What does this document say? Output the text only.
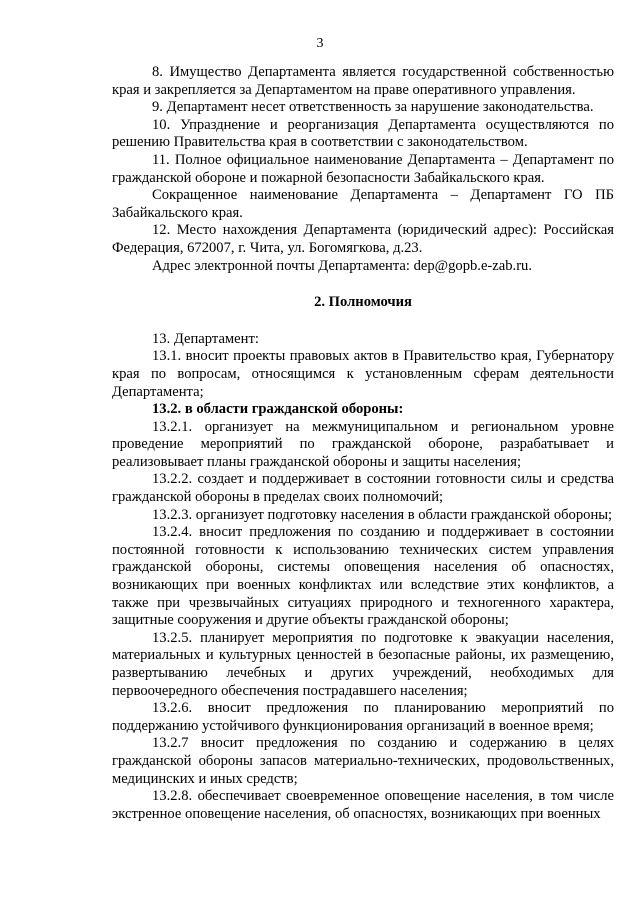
3

8. Имущество Департамента является государственной собственностью края и закрепляется за Департаментом на праве оперативного управления.

9. Департамент несет ответственность за нарушение законодательства.

10. Упразднение и реорганизация Департамента осуществляются по решению Правительства края в соответствии с законодательством.

11. Полное официальное наименование Департамента – Департамент по гражданской обороне и пожарной безопасности Забайкальского края.

Сокращенное наименование Департамента – Департамент ГО ПБ Забайкальского края.

12. Место нахождения Департамента (юридический адрес): Российская Федерация, 672007, г. Чита, ул. Богомягкова, д.23.

Адрес электронной почты Департамента: dep@gopb.e-zab.ru.

2. Полномочия

13. Департамент:

13.1. вносит проекты правовых актов в Правительство края, Губернатору края по вопросам, относящимся к установленным сферам деятельности Департамента;

13.2. в области гражданской обороны:

13.2.1. организует на межмуниципальном и региональном уровне проведение мероприятий по гражданской обороне, разрабатывает и реализовывает планы гражданской обороны и защиты населения;

13.2.2. создает и поддерживает в состоянии готовности силы и средства гражданской обороны в пределах своих полномочий;

13.2.3. организует подготовку населения в области гражданской обороны;

13.2.4. вносит предложения по созданию и поддерживает в состоянии постоянной готовности к использованию технических систем управления гражданской обороны, системы оповещения населения об опасностях, возникающих при военных конфликтах или вследствие этих конфликтов, а также при чрезвычайных ситуациях природного и техногенного характера, защитные сооружения и другие объекты гражданской обороны;

13.2.5. планирует мероприятия по подготовке к эвакуации населения, материальных и культурных ценностей в безопасные районы, их размещению, развертыванию лечебных и других учреждений, необходимых для первоочередного обеспечения пострадавшего населения;

13.2.6. вносит предложения по планированию мероприятий по поддержанию устойчивого функционирования организаций в военное время;

13.2.7 вносит предложения по созданию и содержанию в целях гражданской обороны запасов материально-технических, продовольственных, медицинских и иных средств;

13.2.8. обеспечивает своевременное оповещение населения, в том числе экстренное оповещение населения, об опасностях, возникающих при военных
